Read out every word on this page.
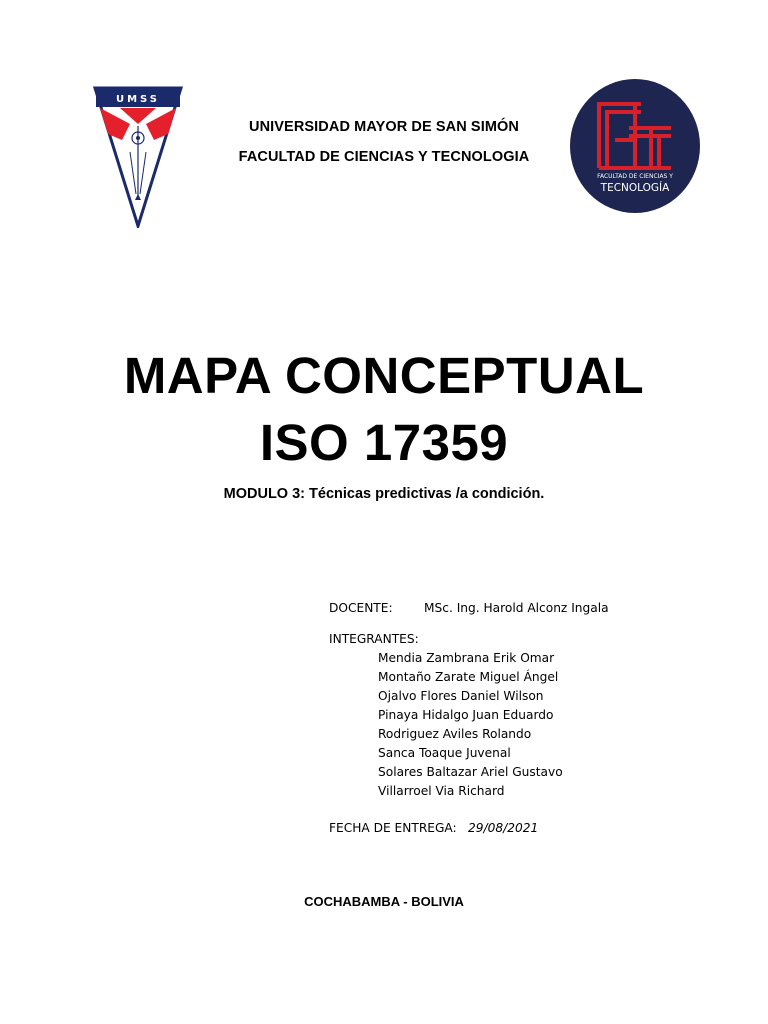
UMSS
FACULTAD DE CIENCIAS Y
TECNOLOGÍA
UNIVERSIDAD MAYOR DE SAN SIMÓN
FACULTAD DE CIENCIAS Y TECNOLOGIA
MAPA CONCEPTUAL
ISO 17359
MODULO 3: Técnicas predictivas /a condición.
DOCENTE:	MSc. Ing. Harold Alconz Ingala
INTEGRANTES:
Mendia Zambrana Erik Omar
Montaño Zarate Miguel Ángel
Ojalvo Flores Daniel Wilson
Pinaya Hidalgo Juan Eduardo
Rodriguez Aviles Rolando
Sanca Toaque Juvenal
Solares Baltazar Ariel Gustavo
Villarroel Via Richard
FECHA DE ENTREGA: 29/08/2021
COCHABAMBA - BOLIVIA
